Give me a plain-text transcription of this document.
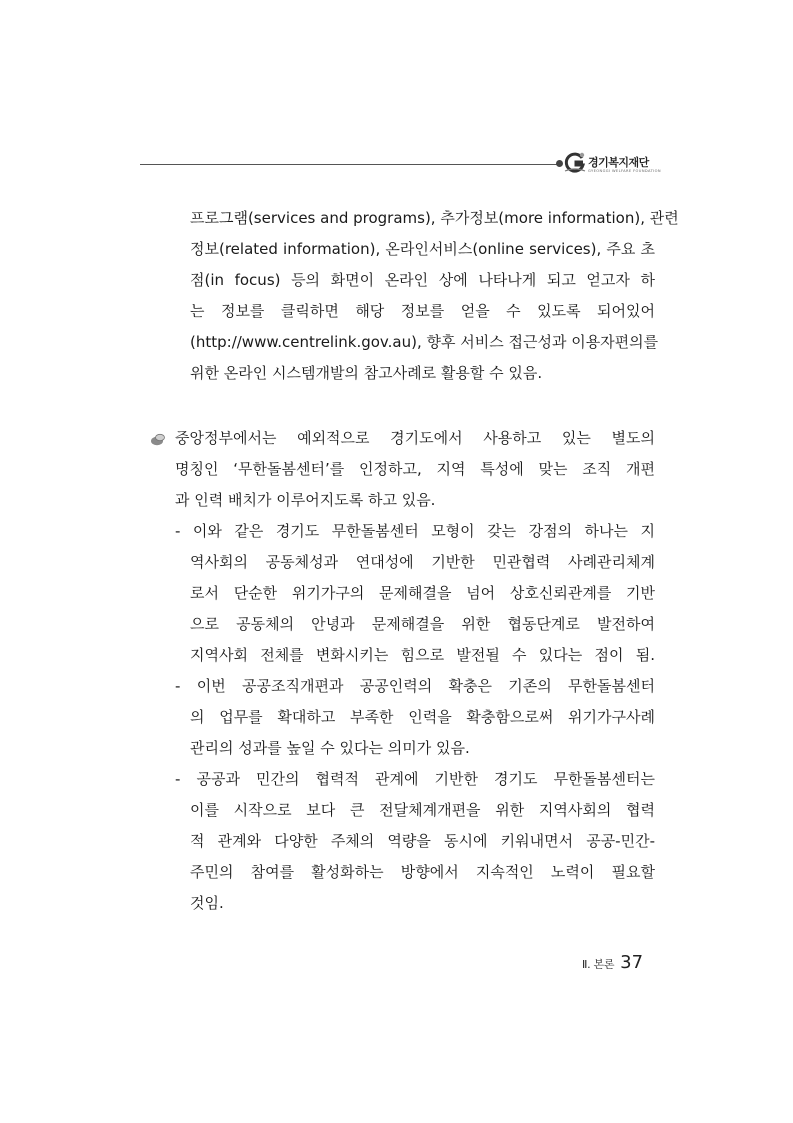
경기복지재단
GYEONGGI WELFARE FOUNDATION
프로그램(services and programs), 추가정보(more information), 관련
정보(related information), 온라인서비스(online services), 주요 초
점(in focus) 등의 화면이 온라인 상에 나타나게 되고 얻고자 하
는 정보를 클릭하면 해당 정보를 얻을 수 있도록 되어있어
(http://www.centrelink.gov.au), 향후 서비스 접근성과 이용자편의를
위한 온라인 시스템개발의 참고사례로 활용할 수 있음.
중앙정부에서는 예외적으로 경기도에서 사용하고 있는 별도의
명칭인 ‘무한돌봄센터’를 인정하고, 지역 특성에 맞는 조직 개편
과 인력 배치가 이루어지도록 하고 있음.
- 이와 같은 경기도 무한돌봄센터 모형이 갖는 강점의 하나는 지
역사회의 공동체성과 연대성에 기반한 민관협력 사례관리체계
로서 단순한 위기가구의 문제해결을 넘어 상호신뢰관계를 기반
으로 공동체의 안녕과 문제해결을 위한 협동단계로 발전하여
지역사회 전체를 변화시키는 힘으로 발전될 수 있다는 점이 됨.
- 이번 공공조직개편과 공공인력의 확충은 기존의 무한돌봄센터
의 업무를 확대하고 부족한 인력을 확충함으로써 위기가구사례
관리의 성과를 높일 수 있다는 의미가 있음.
- 공공과 민간의 협력적 관계에 기반한 경기도 무한돌봄센터는
이를 시작으로 보다 큰 전달체계개편을 위한 지역사회의 협력
적 관계와 다양한 주체의 역량을 동시에 키워내면서 공공-민간-
주민의 참여를 활성화하는 방향에서 지속적인 노력이 필요할
것임.
Ⅱ. 본론 37
